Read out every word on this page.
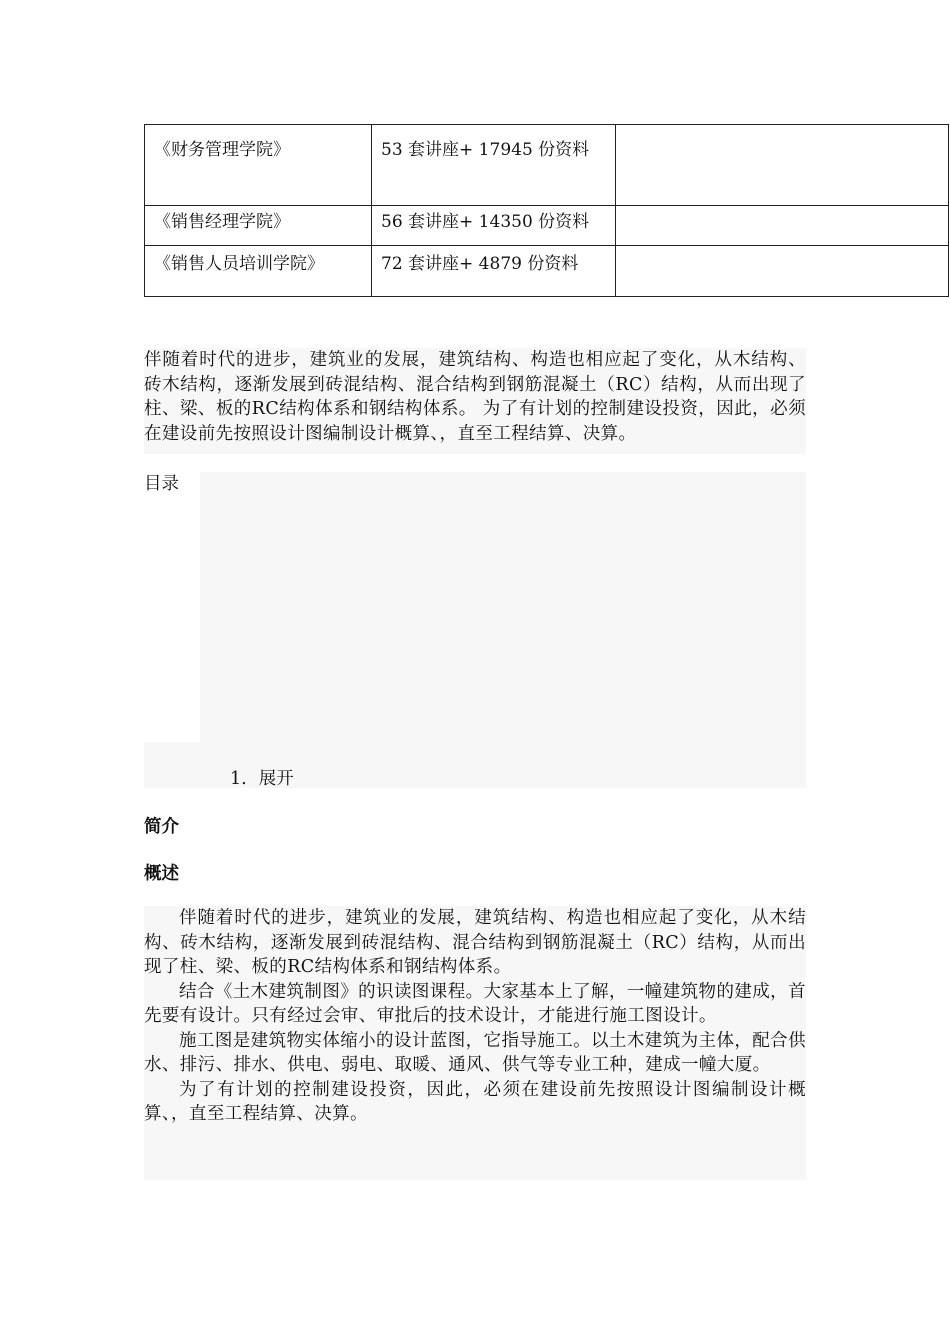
《财务管理学院》	53 套讲座+ 17945 份资料	

《销售经理学院》	56 套讲座+ 14350 份资料	
《销售人员培训学院》	72 套讲座+ 4879 份资料	

伴随着时代的进步，建筑业的发展，建筑结构、构造也相应起了变化，从木结构、砖木结构，逐渐发展到砖混结构、混合结构到钢筋混凝土（RC）结构，从而出现了柱、梁、板的RC结构体系和钢结构体系。 为了有计划的控制建设投资，因此，必须在建设前先按照设计图编制设计概算、，直至工程结算、决算。

目录
1. 展开
简介
概述

伴随着时代的进步，建筑业的发展，建筑结构、构造也相应起了变化，从木结构、砖木结构，逐渐发展到砖混结构、混合结构到钢筋混凝土（RC）结构，从而出现了柱、梁、板的RC结构体系和钢结构体系。

结合《土木建筑制图》的识读图课程。大家基本上了解，一幢建筑物的建成，首先要有设计。只有经过会审、审批后的技术设计，才能进行施工图设计。

施工图是建筑物实体缩小的设计蓝图，它指导施工。以土木建筑为主体，配合供水、排污、排水、供电、弱电、取暖、通风、供气等专业工种，建成一幢大厦。

为了有计划的控制建设投资，因此，必须在建设前先按照设计图编制设计概算、，直至工程结算、决算。
